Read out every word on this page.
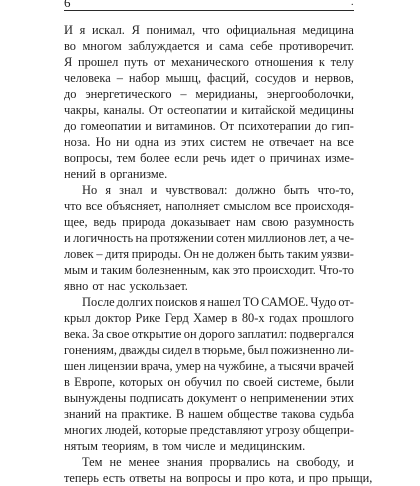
6	.
И я искал. Я понимал, что официальная медицина
во многом заблуждается и сама себе противоречит.
Я прошел путь от механического отношения к телу
человека – набор мышц, фасций, сосудов и нервов,
до энергетического – меридианы, энергооболочки,
чакры, каналы. От остеопатии и китайской медицины
до гомеопатии и витаминов. От психотерапии до гип-
ноза. Но ни одна из этих систем не отвечает на все
вопросы, тем более если речь идет о причинах изме-
нений в организме.
Но я знал и чувствовал: должно быть что-то,
что все объясняет, наполняет смыслом все происходя-
щее, ведь природа доказывает нам свою разумность
и логичность на протяжении сотен миллионов лет, а че-
ловек – дитя природы. Он не должен быть таким уязви-
мым и таким болезненным, как это происходит. Что-то
явно от нас ускользает.
После долгих поисков я нашел ТО САМОЕ. Чудо от-
крыл доктор Рике Герд Хамер в 80-х годах прошлого
века. За свое открытие он дорого заплатил: подвергался
гонениям, дважды сидел в тюрьме, был пожизненно ли-
шен лицензии врача, умер на чужбине, а тысячи врачей
в Европе, которых он обучил по своей системе, были
вынуждены подписать документ о неприменении этих
знаний на практике. В нашем обществе такова судьба
многих людей, которые представляют угрозу общепри-
нятым теориям, в том числе и медицинским.
Тем не менее знания прорвались на свободу, и
теперь есть ответы на вопросы и про кота, и про прыщи,
